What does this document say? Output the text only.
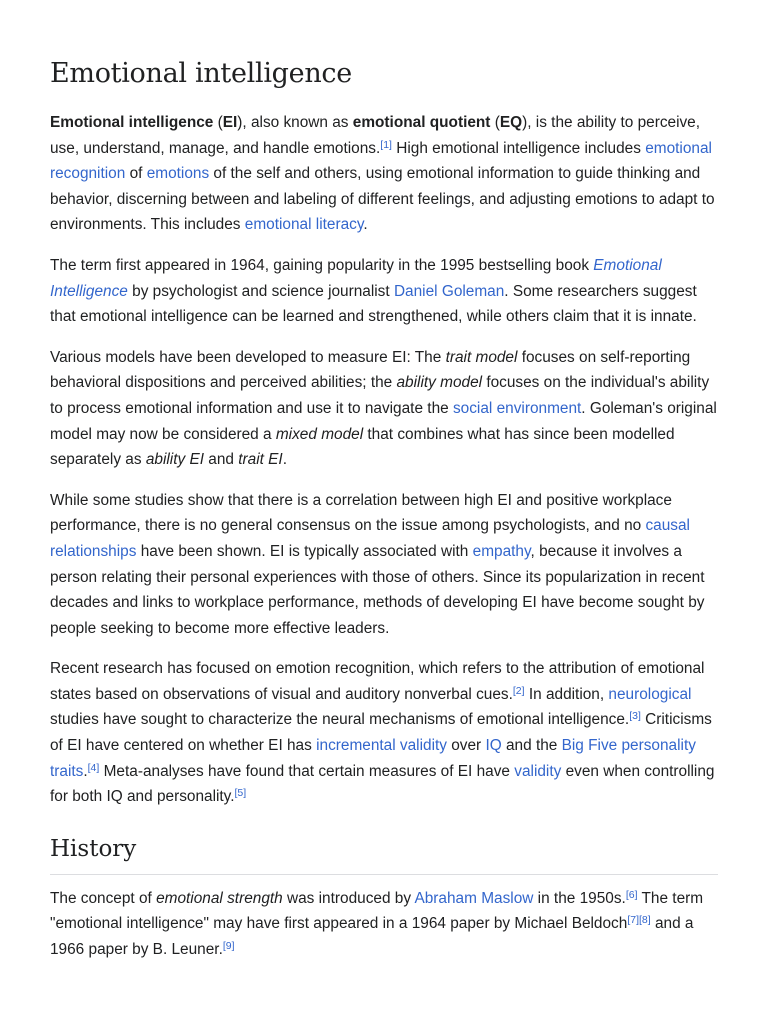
Emotional intelligence

Emotional intelligence (EI), also known as emotional quotient (EQ), is the ability to perceive, use, understand, manage, and handle emotions.[1] High emotional intelligence includes emotional recognition of emotions of the self and others, using emotional information to guide thinking and behavior, discerning between and labeling of different feelings, and adjusting emotions to adapt to environments. This includes emotional literacy.

The term first appeared in 1964, gaining popularity in the 1995 bestselling book Emotional Intelligence by psychologist and science journalist Daniel Goleman. Some researchers suggest that emotional intelligence can be learned and strengthened, while others claim that it is innate.

Various models have been developed to measure EI: The trait model focuses on self-reporting behavioral dispositions and perceived abilities; the ability model focuses on the individual's ability to process emotional information and use it to navigate the social environment. Goleman's original model may now be considered a mixed model that combines what has since been modelled separately as ability EI and trait EI.

While some studies show that there is a correlation between high EI and positive workplace performance, there is no general consensus on the issue among psychologists, and no causal relationships have been shown. EI is typically associated with empathy, because it involves a person relating their personal experiences with those of others. Since its popularization in recent decades and links to workplace performance, methods of developing EI have become sought by people seeking to become more effective leaders.

Recent research has focused on emotion recognition, which refers to the attribution of emotional states based on observations of visual and auditory nonverbal cues.[2] In addition, neurological studies have sought to characterize the neural mechanisms of emotional intelligence.[3] Criticisms of EI have centered on whether EI has incremental validity over IQ and the Big Five personality traits.[4] Meta-analyses have found that certain measures of EI have validity even when controlling for both IQ and personality.[5]

History

The concept of emotional strength was introduced by Abraham Maslow in the 1950s.[6] The term "emotional intelligence" may have first appeared in a 1964 paper by Michael Beldoch[7][8] and a 1966 paper by B. Leuner.[9]
